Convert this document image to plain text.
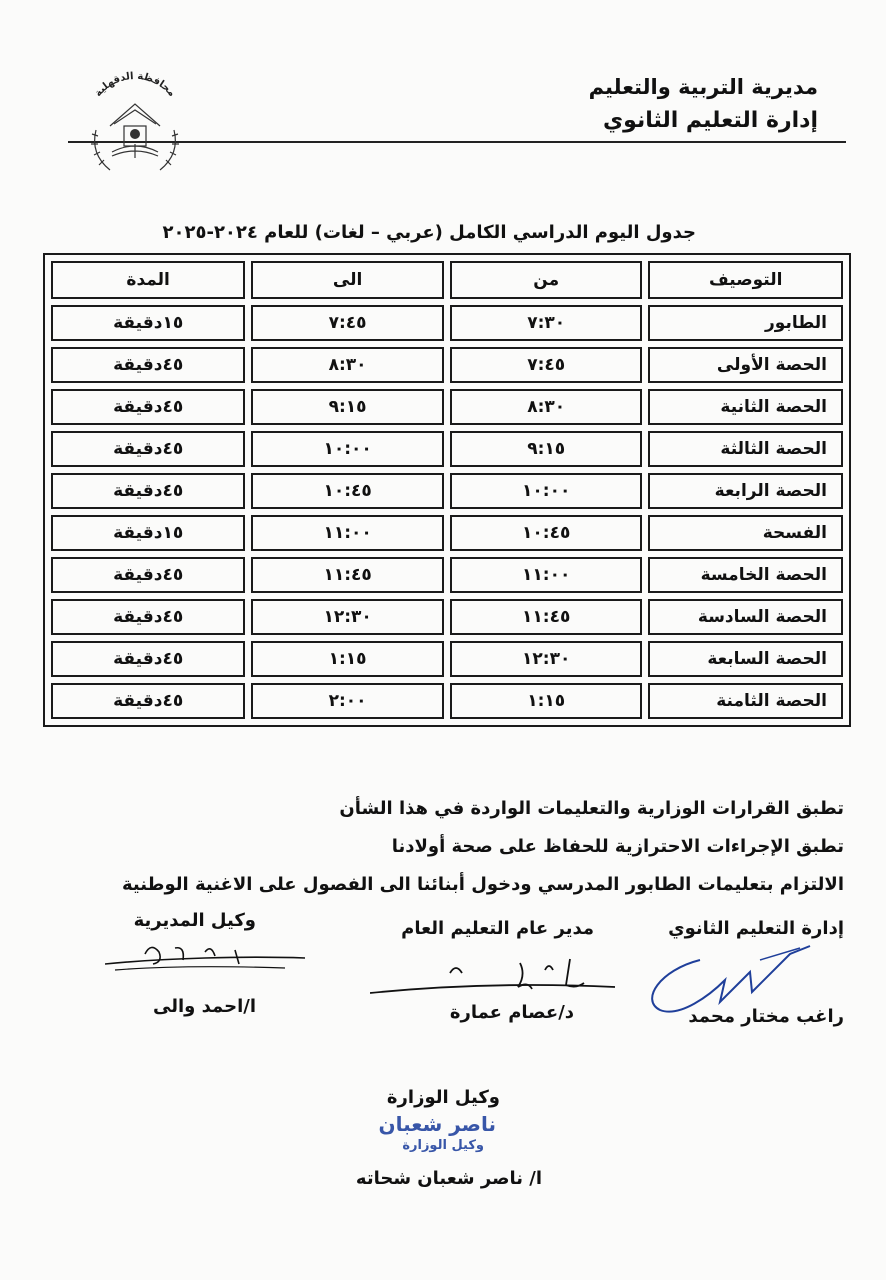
مديرية التربية والتعليم
إدارة التعليم الثانوي
محافظة الدقهلية
جدول اليوم الدراسي الكامل (عربي – لغات) للعام ٢٠٢٤-٢٠٢٥
التوصيف	من	الى	المدة
الطابور	٧:٣٠	٧:٤٥	١٥دقيقة
الحصة الأولى	٧:٤٥	٨:٣٠	٤٥دقيقة
الحصة الثانية	٨:٣٠	٩:١٥	٤٥دقيقة
الحصة الثالثة	٩:١٥	١٠:٠٠	٤٥دقيقة
الحصة الرابعة	١٠:٠٠	١٠:٤٥	٤٥دقيقة
الفسحة	١٠:٤٥	١١:٠٠	١٥دقيقة
الحصة الخامسة	١١:٠٠	١١:٤٥	٤٥دقيقة
الحصة السادسة	١١:٤٥	١٢:٣٠	٤٥دقيقة
الحصة السابعة	١٢:٣٠	١:١٥	٤٥دقيقة
الحصة الثامنة	١:١٥	٢:٠٠	٤٥دقيقة
تطبق القرارات الوزارية والتعليمات الواردة في هذا الشأن
تطبق الإجراءات الاحترازية للحفاظ على صحة أولادنا
الالتزام بتعليمات الطابور المدرسي ودخول أبنائنا الى الفصول على الاغنية الوطنية
إدارة التعليم الثانوي
مدير عام التعليم العام
وكيل المديرية
راغب مختار محمد
د/عصام عمارة
ا/احمد والى
وكيل الوزارة
ناصر شعبان
وكيل الوزارة
ا/ ناصر شعبان شحاته
